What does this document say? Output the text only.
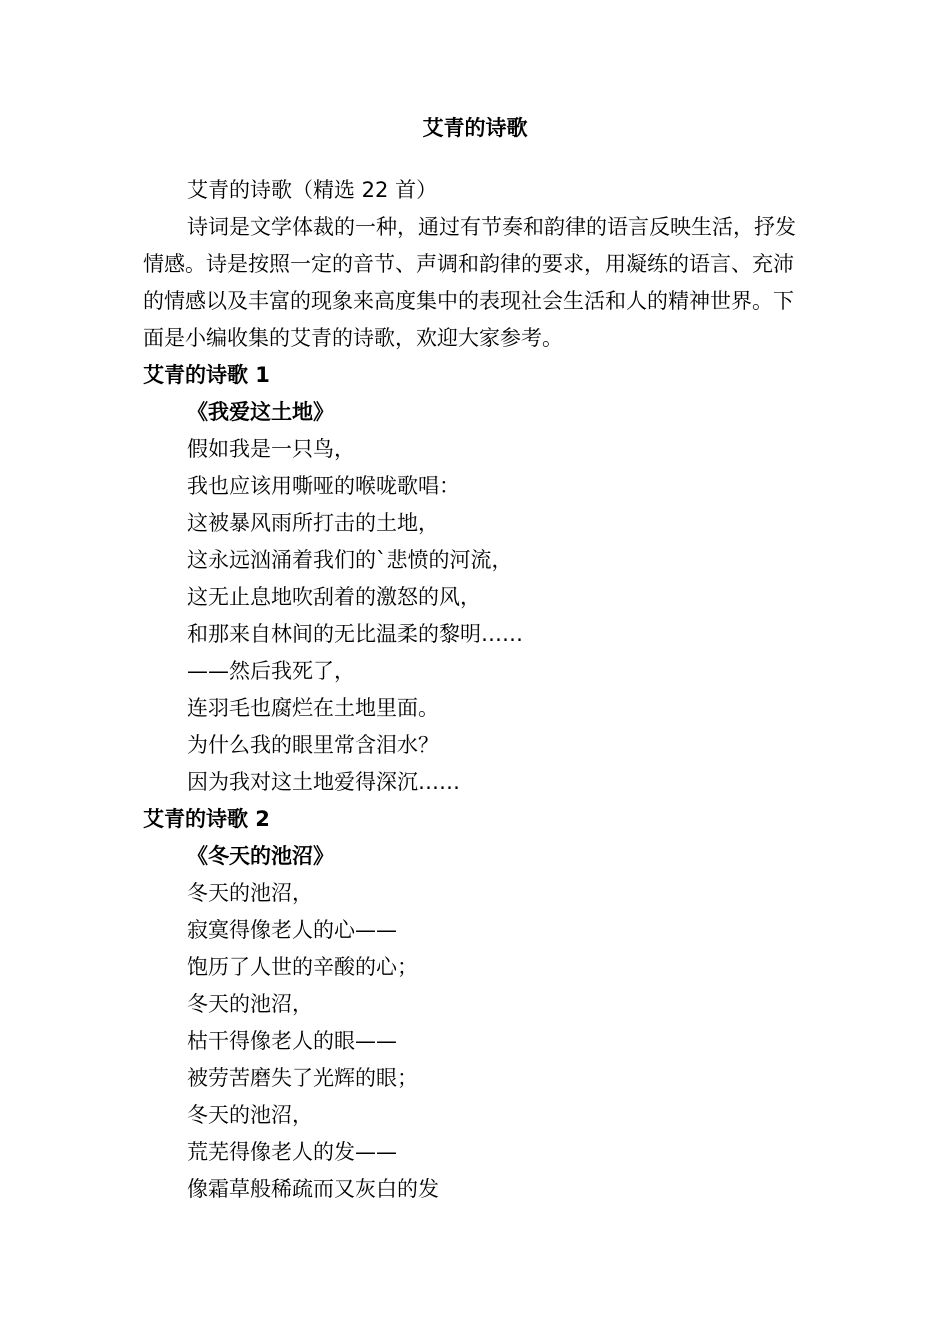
艾青的诗歌

艾青的诗歌（精选 22 首）

诗词是文学体裁的一种，通过有节奏和韵律的语言反映生活，抒发情感。诗是按照一定的音节、声调和韵律的要求，用凝练的语言、充沛的情感以及丰富的现象来高度集中的表现社会生活和人的精神世界。下面是小编收集的艾青的诗歌，欢迎大家参考。

艾青的诗歌 1

《我爱这土地》

假如我是一只鸟，

我也应该用嘶哑的喉咙歌唱：

这被暴风雨所打击的土地，

这永远汹涌着我们的`悲愤的河流，

这无止息地吹刮着的激怒的风，

和那来自林间的无比温柔的黎明……

——然后我死了，

连羽毛也腐烂在土地里面。

为什么我的眼里常含泪水？

因为我对这土地爱得深沉……

艾青的诗歌 2

《冬天的池沼》

冬天的池沼，

寂寞得像老人的心——

饱历了人世的辛酸的心；

冬天的池沼，

枯干得像老人的眼——

被劳苦磨失了光辉的眼；

冬天的池沼，

荒芜得像老人的发——

像霜草般稀疏而又灰白的发
